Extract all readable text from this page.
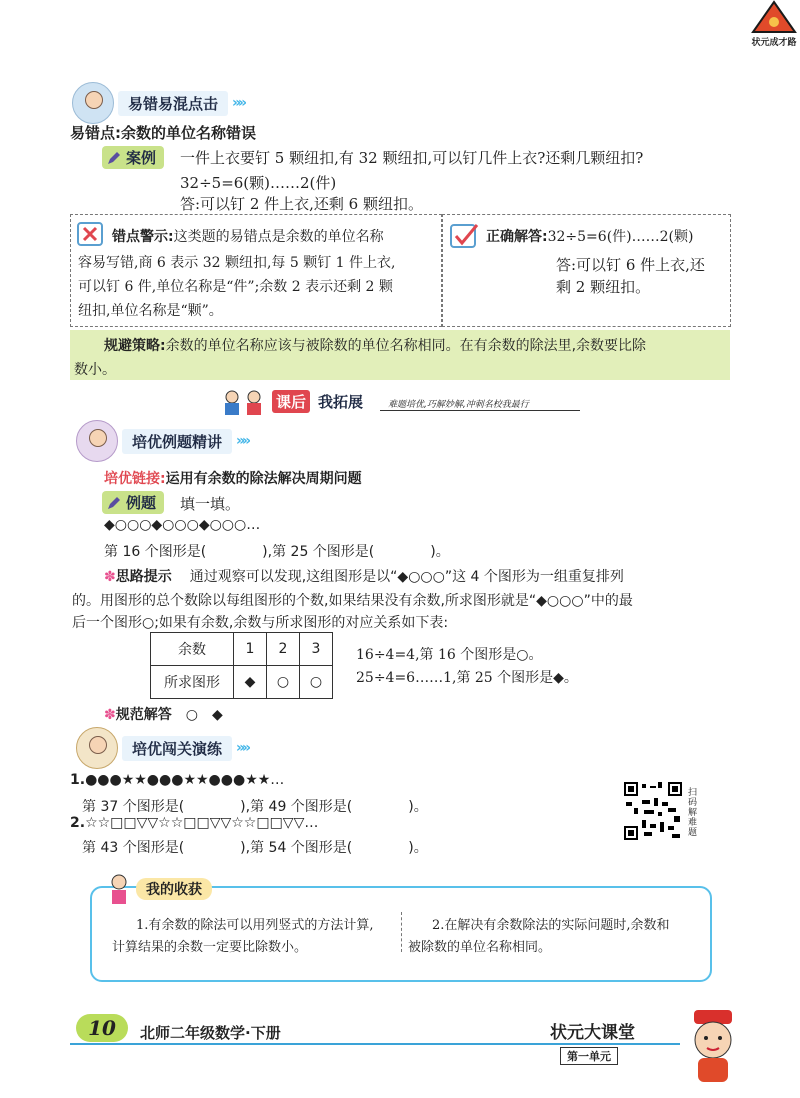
状元成才路
易错易混点击	»»
易错点:余数的单位名称错误
案例 一件上衣要钉 5 颗纽扣,有 32 颗纽扣,可以钉几件上衣?还剩几颗纽扣?
32÷5=6(颗)……2(件)
答:可以钉 2 件上衣,还剩 6 颗纽扣。
错点警示:这类题的易错点是余数的单位名称
容易写错,商 6 表示 32 颗纽扣,每 5 颗钉 1 件上衣,
可以钉 6 件,单位名称是“件”;余数 2 表示还剩 2 颗
纽扣,单位名称是“颗”。
正确解答:32÷5=6(件)……2(颗)
答:可以钉 6 件上衣,还
剩 2 颗纽扣。
规避策略:余数的单位名称应该与被除数的单位名称相同。在有余数的除法里,余数要比除
数小。
课后 我拓展	难题培优,巧解妙解,冲刺名校我最行
培优例题精讲	»»
培优链接:运用有余数的除法解决周期问题
例题 填一填。
◆○○○◆○○○◆○○○…
第 16 个图形是(　　　　),第 25 个图形是(　　　　)。
✽思路提示 通过观察可以发现,这组图形是以“◆○○○”这 4 个图形为一组重复排列
的。用图形的总个数除以每组图形的个数,如果结果没有余数,所求图形就是“◆○○○”中的最
后一个图形○;如果有余数,余数与所求图形的对应关系如下表:
余数	1	2	3
所求图形	◆	○	○
16÷4=4,第 16 个图形是○。
25÷4=6……1,第 25 个图形是◆。
✽规范解答 ○　◆
培优闯关演练	»»
1.●●●★★●●●★★●●●★★…
第 37 个图形是(　　　　),第 49 个图形是(　　　　)。
2.☆☆□□▽▽☆☆□□▽▽☆☆□□▽▽…
第 43 个图形是(　　　　),第 54 个图形是(　　　　)。
扫码解难题
我的收获
1.有余数的除法可以用列竖式的方法计算,
计算结果的余数一定要比除数小。
2.在解决有余数除法的实际问题时,余数和
被除数的单位名称相同。
10	北师二年级数学·下册	状元大课堂
第一单元
